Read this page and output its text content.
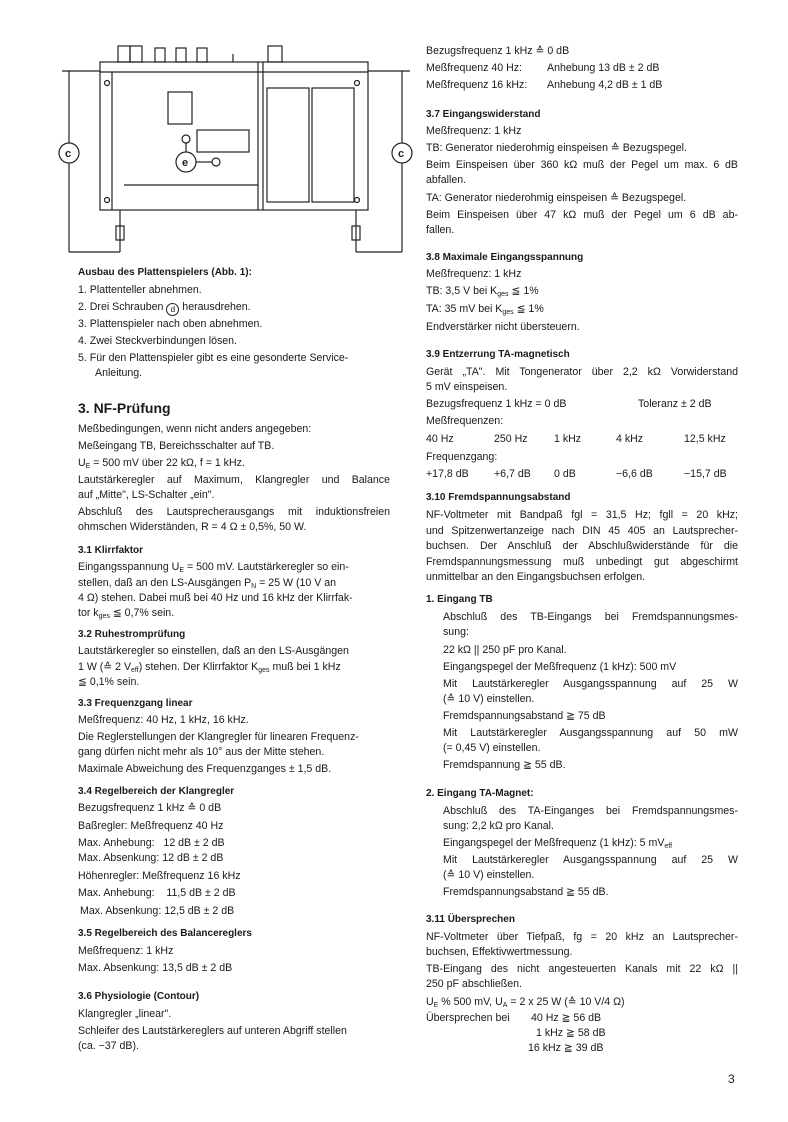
c	c
e
Ausbau des Plattenspielers (Abb. 1):
1. Plattenteller abnehmen.
2. Drei Schrauben d herausdrehen.
3. Plattenspieler nach oben abnehmen.
4. Zwei Steckverbindungen lösen.
5. Für den Plattenspieler gibt es eine gesonderte Service-
Anleitung.
3. NF-Prüfung
Meßbedingungen, wenn nicht anders angegeben:
Meßeingang TB, Bereichsschalter auf TB.
$U_E = 500$ mV über 22 kΩ, f = 1 kHz.
Lautstärkeregler auf Maximum, Klangregler und Balance
auf „Mitte", LS-Schalter „ein".
Abschluß des Lautsprecherausgangs mit induktionsfreien
ohmschen Widerständen, R = 4 Ω ± 0,5%, 50 W.
3.1 Klirrfaktor
Eingangsspannung $U_E = 500$ mV. Lautstärkeregler so ein-
stellen, daß an den LS-Ausgängen $P_N = 25$ W (10 V an
4 Ω) stehen. Dabei muß bei 40 Hz und 16 kHz der Klirrfak-
tor $k_{ges}$ ≦ 0,7% sein.
3.2 Ruhestromprüfung
Lautstärkeregler so einstellen, daß an den LS-Ausgängen
1 W (≙ 2 $V_{eff}$) stehen. Der Klirrfaktor $K_{ges}$ muß bei 1 kHz
≦ 0,1% sein.
3.3 Frequenzgang linear
Meßfrequenz: 40 Hz, 1 kHz, 16 kHz.
Die Reglerstellungen der Klangregler für linearen Frequenz-
gang dürfen nicht mehr als 10° aus der Mitte stehen.
Maximale Abweichung des Frequenzganges ± 1,5 dB.
3.4 Regelbereich der Klangregler
Bezugsfrequenz 1 kHz ≙ 0 dB
Baßregler: Meßfrequenz 40 Hz
Max. Anhebung: 12 dB ± 2 dB
Max. Absenkung: 12 dB ± 2 dB
Höhenregler: Meßfrequenz 16 kHz
Max. Anhebung: 11,5 dB ± 2 dB
Max. Absenkung: 12,5 dB ± 2 dB
3.5 Regelbereich des Balancereglers
Meßfrequenz: 1 kHz
Max. Absenkung: 13,5 dB ± 2 dB
3.6 Physiologie (Contour)
Klangregler „linear".
Schleifer des Lautstärkereglers auf unteren Abgriff stellen
(ca. −37 dB).
Bezugsfrequenz 1 kHz ≙ 0 dB
Meßfrequenz 40 Hz: Anhebung 13 dB ± 2 dB
Meßfrequenz 16 kHz: Anhebung 4,2 dB ± 1 dB
3.7 Eingangswiderstand
Meßfrequenz: 1 kHz
TB: Generator niederohmig einspeisen ≙ Bezugspegel.
Beim Einspeisen über 360 kΩ muß der Pegel um max. 6 dB
abfallen.
TA: Generator niederohmig einspeisen ≙ Bezugspegel.
Beim Einspeisen über 47 kΩ muß der Pegel um 6 dB ab-
fallen.
3.8 Maximale Eingangsspannung
Meßfrequenz: 1 kHz
TB: 3,5 V bei $K_{ges}$ ≦ 1%
TA: 35 mV bei $K_{ges}$ ≦ 1%
Endverstärker nicht übersteuern.
3.9 Entzerrung TA-magnetisch
Gerät „TA". Mit Tongenerator über 2,2 kΩ Vorwiderstand
5 mV einspeisen.
Bezugsfrequenz 1 kHz = 0 dB	Toleranz ± 2 dB
Meßfrequenzen:
40 Hz	250 Hz 1 kHz	4 kHz	12,5 kHz
Frequenzgang:
+17,8 dB +6,7 dB 0 dB	−6,6 dB	−15,7 dB
3.10 Fremdspannungsabstand
NF-Voltmeter mit Bandpaß fgl = 31,5 Hz; fgll = 20 kHz;
und Spitzenwertanzeige nach DIN 45 405 an Lautsprecher-
buchsen. Der Anschluß der Abschlußwiderstände für die
Fremdspannungsmessung muß unbedingt gut abgeschirmt
unmittelbar an den Eingangsbuchsen erfolgen.
1. Eingang TB
Abschluß des TB-Eingangs bei Fremdspannungsmes-
sung:
22 kΩ || 250 pF pro Kanal.
Eingangspegel der Meßfrequenz (1 kHz): 500 mV
Mit Lautstärkeregler Ausgangsspannung auf 25 W
(≙ 10 V) einstellen.
Fremdspannungsabstand ≧ 75 dB
Mit Lautstärkeregler Ausgangsspannung auf 50 mW
(= 0,45 V) einstellen.
Fremdspannung ≧ 55 dB.
2. Eingang TA-Magnet:
Abschluß des TA-Einganges bei Fremdspannungsmes-
sung: 2,2 kΩ pro Kanal.
Eingangspegel der Meßfrequenz (1 kHz): 5 $mV_{eff}$
Mit Lautstärkeregler Ausgangsspannung auf 25 W
(≙ 10 V) einstellen.
Fremdspannungsabstand ≧ 55 dB.
3.11 Übersprechen
NF-Voltmeter über Tiefpaß, fg = 20 kHz an Lautsprecher-
buchsen, Effektivwertmessung.
TB-Eingang des nicht angesteuerten Kanals mit 22 kΩ ||
250 pF abschließen.
$U_E$ % 500 mV, $U_A = 2$ x 25 W (≙ 10 V/4 Ω)
Übersprechen bei 40 Hz ≧ 56 dB
1 kHz ≧ 58 dB
16 kHz ≧ 39 dB
3
